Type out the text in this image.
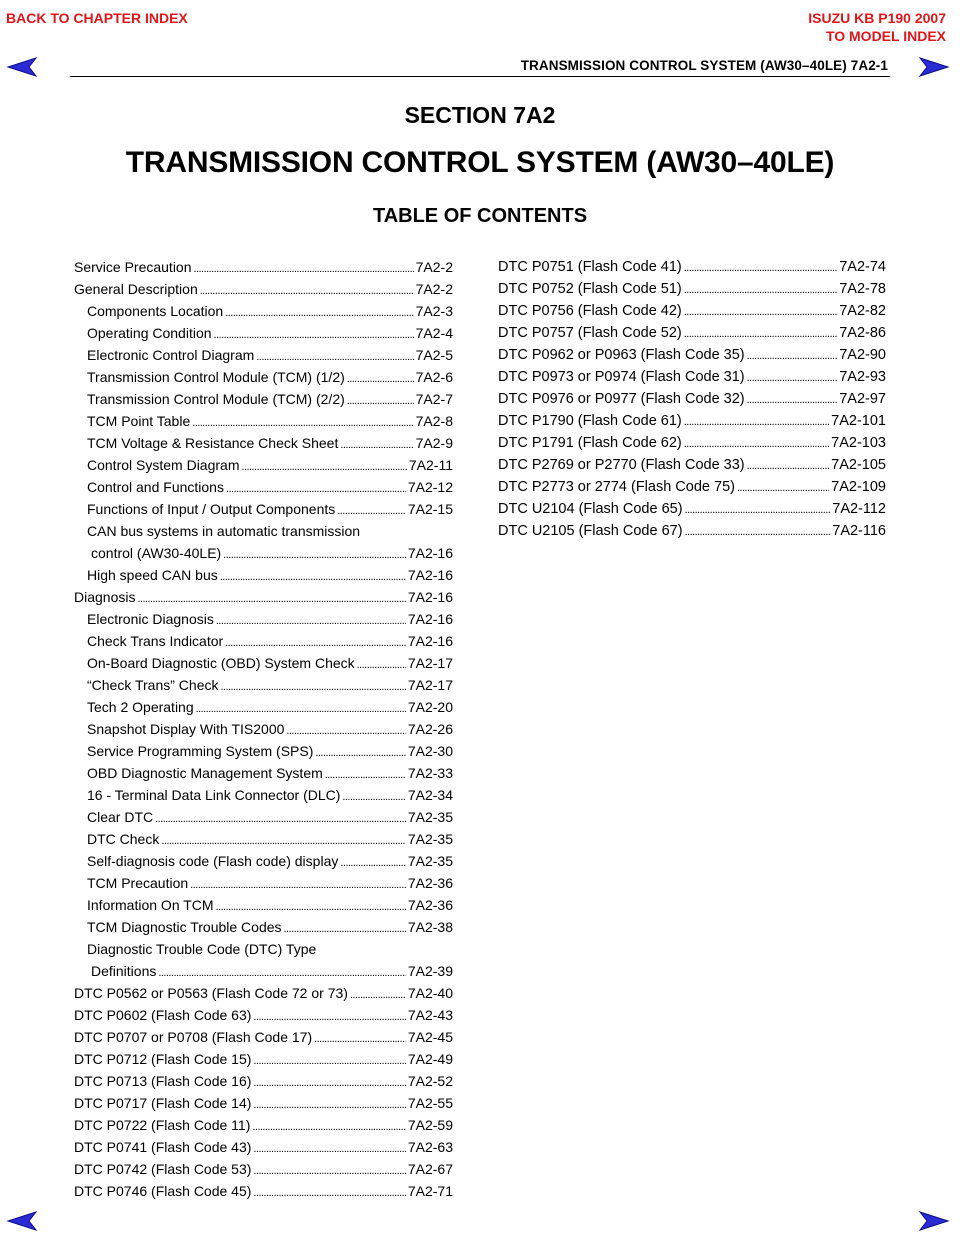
BACK TO CHAPTER INDEX	ISUZU KB P190 2007
TO MODEL INDEX
TRANSMISSION CONTROL SYSTEM (AW30–40LE) 7A2-1
SECTION 7A2
TRANSMISSION CONTROL SYSTEM (AW30–40LE)
TABLE OF CONTENTS
Service Precaution . . .	7A2-2
General Description . . .	7A2-2
Components Location . . .	7A2-3
Operating Condition . . .	7A2-4
Electronic Control Diagram . . .	7A2-5
Transmission Control Module (TCM) (1/2) . . .	7A2-6
Transmission Control Module (TCM) (2/2) . . .	7A2-7
TCM Point Table . . .	7A2-8
TCM Voltage & Resistance Check Sheet . . .	7A2-9
Control System Diagram . . .	7A2-11
Control and Functions . . .	7A2-12
Functions of Input / Output Components . . .	7A2-15
CAN bus systems in automatic transmission
control (AW30-40LE) . . .	7A2-16
High speed CAN bus . . .	7A2-16
Diagnosis . . .	7A2-16
Electronic Diagnosis . . .	7A2-16
Check Trans Indicator . . .	7A2-16
On-Board Diagnostic (OBD) System Check . . .	7A2-17
“Check Trans” Check . . .	7A2-17
Tech 2 Operating . . .	7A2-20
Snapshot Display With TIS2000 . . .	7A2-26
Service Programming System (SPS) . . .	7A2-30
OBD Diagnostic Management System . . .	7A2-33
16 - Terminal Data Link Connector (DLC) . . .	7A2-34
Clear DTC . . .	7A2-35
DTC Check . . .	7A2-35
Self-diagnosis code (Flash code) display . . .	7A2-35
TCM Precaution . . .	7A2-36
Information On TCM . . .	7A2-36
TCM Diagnostic Trouble Codes . . .	7A2-38
Diagnostic Trouble Code (DTC) Type
Definitions . . .	7A2-39
DTC P0562 or P0563 (Flash Code 72 or 73) . . .	7A2-40
DTC P0602 (Flash Code 63) . . .	7A2-43
DTC P0707 or P0708 (Flash Code 17) . . .	7A2-45
DTC P0712 (Flash Code 15) . . .	7A2-49
DTC P0713 (Flash Code 16) . . .	7A2-52
DTC P0717 (Flash Code 14) . . .	7A2-55
DTC P0722 (Flash Code 11) . . .	7A2-59
DTC P0741 (Flash Code 43) . . .	7A2-63
DTC P0742 (Flash Code 53) . . .	7A2-67
DTC P0746 (Flash Code 45) . . .	7A2-71
DTC P0751 (Flash Code 41) . . .	7A2-74
DTC P0752 (Flash Code 51) . . .	7A2-78
DTC P0756 (Flash Code 42) . . .	7A2-82
DTC P0757 (Flash Code 52) . . .	7A2-86
DTC P0962 or P0963 (Flash Code 35) . . .	7A2-90
DTC P0973 or P0974 (Flash Code 31) . . .	7A2-93
DTC P0976 or P0977 (Flash Code 32) . . .	7A2-97
DTC P1790 (Flash Code 61) . . .	7A2-101
DTC P1791 (Flash Code 62) . . .	7A2-103
DTC P2769 or P2770 (Flash Code 33) . . .	7A2-105
DTC P2773 or 2774 (Flash Code 75) . . .	7A2-109
DTC U2104 (Flash Code 65) . . .	7A2-112
DTC U2105 (Flash Code 67) . . .	7A2-116
